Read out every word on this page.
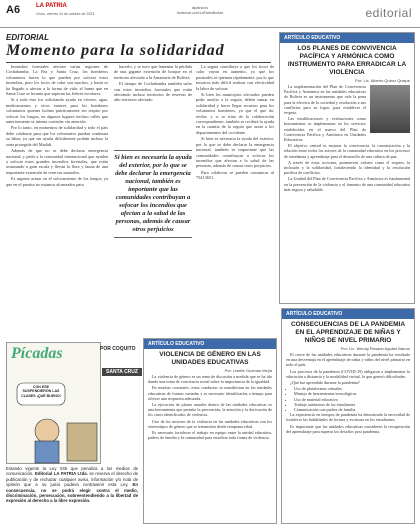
A6	LA PATRIA
Oruro, viernes 24 de octubre de 2023
lapatria.bo
facebook.com/LaPatriaBolivia	editorial
EDITORIAL
Momento para la solidaridad

Incendios forestales afectan varias regiones de Cochabamba, La Paz y Santa Cruz, los bomberos voluntarios hacen lo que pueden por sofocar estos incendios, pero los focos de calor son muchos, y hasta se ha llegado a afectar a la forma de vida, el humo que en Santa Cruz se levanta que superan las fiebres escolares.

Si a todo esto los solicitando ayuda en víveres, agua, medicamentos y otros enseres para los bomberos voluntarios quienes luchan prácticamente sin respiro por sofocar los fuegos, en algunos lugares incluso calles que anteriormente se intenta controlar sin atención.

Por lo tanto, en momentos de solidaridad y todo el país debe colaborar para que los voluntarios puedan continuar su labor, ya que sin ayuda difícilmente podrán incluso la zona protegida del Madidi.

Además de que no se debe declarar emergencia nacional, y pedir a la comunidad internacional que ayuden a sofocar estos grandes incendios forestales, que están avanzando a gran escala y llevan la flora y fauna de una importante extensión de reservas naturales.

Es urgente actuar en el sofocamiento de los fuegos, ya que en el paraíso no estamos alcanzados para

hacerlo, y se tuvo que lamentar la pérdida de una gigante extensión de bosque en el territorio afectado a la Amazonía de Bolivia.

El tiempo de Cochabamba también sufre con estos incendios forestales que están afectando incluso territorios de reservas de alto territorio afectado.

Si bien es necesaria la ayuda del exterior, por lo que se debe declarar la emergencia nacional, también es importante que las comunidades contribuyan a sofocar los incendios que afectan a la salud de las personas, además de causar otros perjuicios

La seguía contribuye a que los focos de calor vayan en aumento, ya que los pastizales se queman rápidamente, por lo que nosotros más difícil realizar con efectividad la labor de sofocar.

Si bien los municipios afectados pueden pedir auxilio a la seguía, deben sumar en solidaridad y hacer llegar recursos para los voluntarios bomberos, ya que el que da, recibe, y si se trata de la colaboración correspondiente, también se recibirá la ayuda en la cuantía de la seguía que azota a los departamentos del occidente.

Si bien es necesaria la ayuda del exterior, por lo que se debe declarar la emergencia nacional, también es importante que las comunidades contribuyan a sofocar los incendios que afectan a la salud de las personas, además de causar otros perjuicios.

Para colaborar se pueden comunicar al 75413651.

ARTÍCULO EDUCATIVO
LOS PLANES DE CONVIVENCIA PACÍFICA Y ARMÓNICA COMO INSTRUMENTO PARA ERRADICAR LA VIOLENCIA
Por: Lic. Alberto Quiroz Quispe

La implementación del Plan de Convivencia Pacífica y Armónica en las unidades educativas de Bolivia es un instrumento que vale la pena para la efectiva de la sociedad y resolución a sus conflictos para su logro, para establecer el respeto.

Las modificaciones y evaluaciones como herramientas se implementan en los servicios establecidos en el marco del Plan de Convivencia Pacífica y Armónica en Unidades Educativas.

El objetivo central es mejorar la convivencia, la comunicación y la relación entre todos los actores de la comunidad educativa en los procesos de enseñanza y aprendizaje para el desarrollo de una cultura de paz.

A través de estas acciones, promueven valores como el respeto, la inclusión y la solidaridad, fortaleciendo la identidad y la resolución pacífica de conflictos.

La Unidad del Plan de Convivencia Pacífica y Armónica es fundamental en la prevención de la violencia y el fomento de una comunidad educativa más segura y saludable.

Pícadas
CON ESE SUSPENDIERON LAS CLASES ¡QUÉ BUENO!
POR COQUITO
SANTA CRUZ
ARTÍCULO EDUCATIVO
VIOLENCIA DE GÉNERO EN LAS UNIDADES EDUCATIVAS
Por: Lisette Guzman Mejía

La violencia de género es un tema de discusión a medida que se ha ido dando una toma de conciencia social sobre la importancia de la igualdad.

En muchas ocasiones, estas conductas se manifiestan en las unidades educativas de formas variadas y es necesario identificarlas a tiempo para ofrecer una respuesta adecuada.

La ejecución de planes anuales dentro de las unidades educativas es una herramienta que permite la prevención, la atención y la derivación de los casos identificados de violencia.

Uno de los motores de la violencia en las unidades educativas son los estereotipos de género que se transmiten desde temprana edad.

Es necesario fortalecer el trabajo en equipo entre la unidad educativa, padres de familia y la comunidad para erradicar toda forma de violencia.

ARTÍCULO EDUCATIVO
CONSECUENCIAS DE LA PANDEMIA EN EL APRENDIZAJE DE NIÑAS Y NIÑOS DE NIVEL PRIMARIO
Por: Lic. Wendy Rosario Aguilar Barros

El cierre de las unidades educativas durante la pandemia ha resultado en una desventaja en el aprendizaje de niñas y niños del nivel primario en todo el país.

Los procesos de la pandemia (COVID-19) obligaron a implementar la educación a distancia y la modalidad virtual, lo que generó dificultades.

¿Qué fue aprendido durante la pandemia?

• Uso de plataformas virtuales
• Manejo de herramientas tecnológicas
• Uso de material educativo
• Trabajo autónomo de los estudiantes
• Comunicación con padres de familia

La experiencia en tiempos de pandemia ha demostrado la necesidad de fortalecer las habilidades de lectura y escritura en los estudiantes.

Es importante que las unidades educativas consideren la recuperación del aprendizaje para superar los desafíos post pandemia.

Estando vigente la Ley 045 que penaliza a los medios de comunicación, Editorial LA PATRIA Ltda. se reserva el derecho de publicación y de rechazar cualquier aviso, información y/o nota de opinión que a su juicio pudiera contravenir esta Ley. En consecuencia, no se podrá elegir contra el medio, discriminación, persecución, sobreentendiendo a la libertad de expresión al derecho a la libre expresión.
